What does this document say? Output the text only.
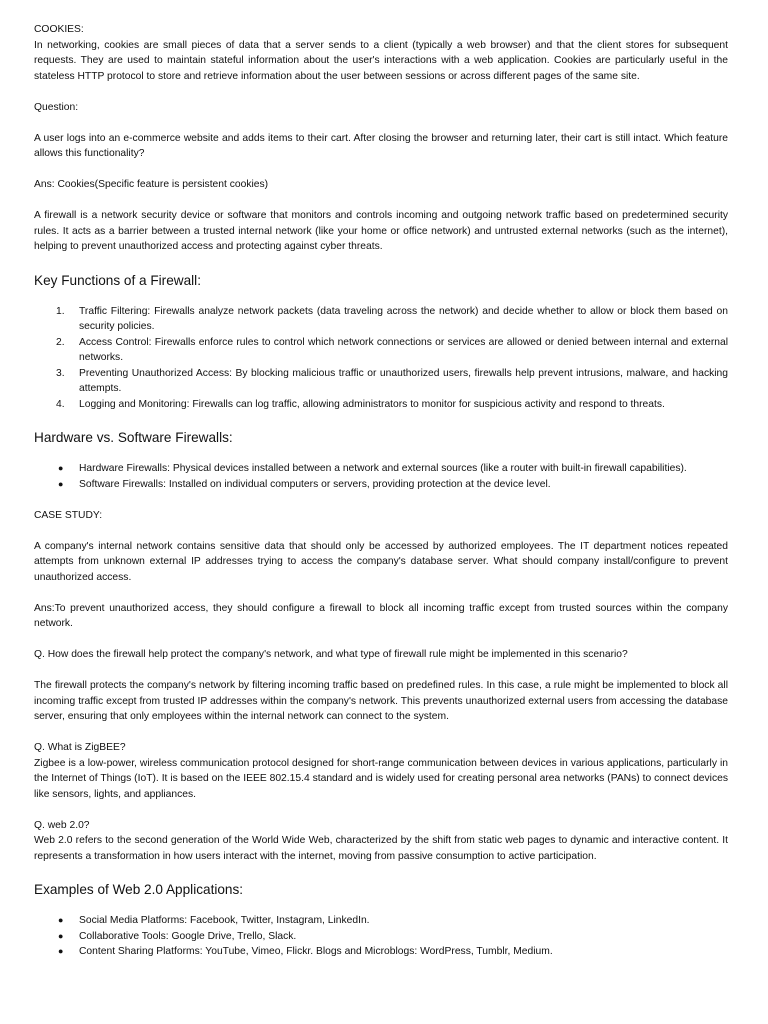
COOKIES:

In networking, cookies are small pieces of data that a server sends to a client (typically a web browser) and that the client stores for subsequent requests. They are used to maintain stateful information about the user's interactions with a web application. Cookies are particularly useful in the stateless HTTP protocol to store and retrieve information about the user between sessions or across different pages of the same site.

Question:

A user logs into an e-commerce website and adds items to their cart. After closing the browser and returning later, their cart is still intact. Which feature allows this functionality?

Ans: Cookies(Specific feature is persistent cookies)

A firewall is a network security device or software that monitors and controls incoming and outgoing network traffic based on predetermined security rules. It acts as a barrier between a trusted internal network (like your home or office network) and untrusted external networks (such as the internet), helping to prevent unauthorized access and protecting against cyber threats.

Key Functions of a Firewall:
1. Traffic Filtering: Firewalls analyze network packets (data traveling across the network) and decide whether to allow or block them based on security policies.
2. Access Control: Firewalls enforce rules to control which network connections or services are allowed or denied between internal and external networks.
3. Preventing Unauthorized Access: By blocking malicious traffic or unauthorized users, firewalls help prevent intrusions, malware, and hacking attempts.
4. Logging and Monitoring: Firewalls can log traffic, allowing administrators to monitor for suspicious activity and respond to threats.
Hardware vs. Software Firewalls:
● Hardware Firewalls: Physical devices installed between a network and external sources (like a router with built-in firewall capabilities).
● Software Firewalls: Installed on individual computers or servers, providing protection at the device level.

CASE STUDY:

A company's internal network contains sensitive data that should only be accessed by authorized employees. The IT department notices repeated attempts from unknown external IP addresses trying to access the company's database server. What should company install/configure to prevent unauthorized access.

Ans:To prevent unauthorized access, they should configure a firewall to block all incoming traffic except from trusted sources within the company network.

Q. How does the firewall help protect the company's network, and what type of firewall rule might be implemented in this scenario?

The firewall protects the company's network by filtering incoming traffic based on predefined rules. In this case, a rule might be implemented to block all incoming traffic except from trusted IP addresses within the company's network. This prevents unauthorized external users from accessing the database server, ensuring that only employees within the internal network can connect to the system.

Q. What is ZigBEE?

Zigbee is a low-power, wireless communication protocol designed for short-range communication between devices in various applications, particularly in the Internet of Things (IoT). It is based on the IEEE 802.15.4 standard and is widely used for creating personal area networks (PANs) to connect devices like sensors, lights, and appliances.

Q. web 2.0?

Web 2.0 refers to the second generation of the World Wide Web, characterized by the shift from static web pages to dynamic and interactive content. It represents a transformation in how users interact with the internet, moving from passive consumption to active participation.

Examples of Web 2.0 Applications:
● Social Media Platforms: Facebook, Twitter, Instagram, LinkedIn.
● Collaborative Tools: Google Drive, Trello, Slack.
● Content Sharing Platforms: YouTube, Vimeo, Flickr. Blogs and Microblogs: WordPress, Tumblr, Medium.
